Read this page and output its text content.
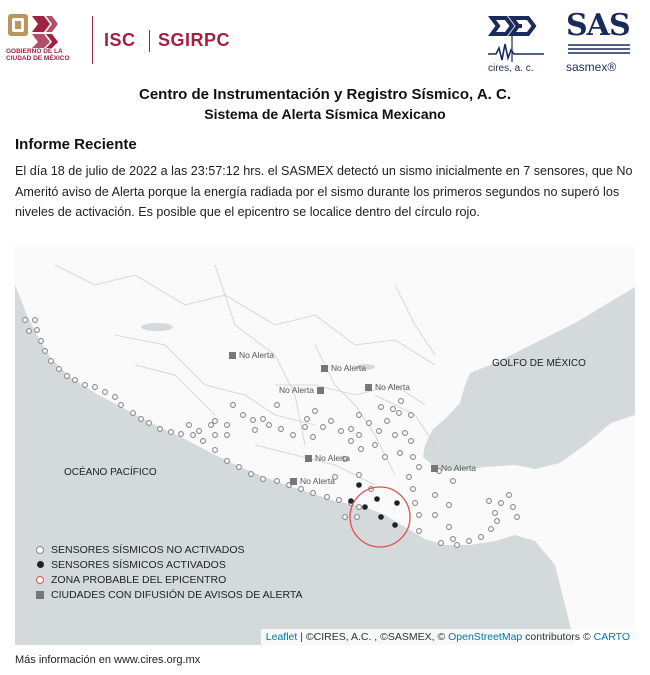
GOBIERNO DE LA
CIUDAD DE MÉXICO
ISC SGIRPC
cires, a. c.
SAS
sasmex®
Centro de Instrumentación y Registro Sísmico, A. C.
Sistema de Alerta Sísmica Mexicano
Informe Reciente
El día 18 de julio de 2022 a las 23:57:12 hrs. el SASMEX detectó un sismo inicialmente en 7 sensores, que No Ameritó aviso de Alerta porque la energía radiada por el sismo durante los primeros segundos no superó los niveles de activación. Es posible que el epicentro se localice dentro del círculo rojo.
GOLFO DE MÉXICO
OCÉANO PACÍFICO
No Alerta
No Alerta
No Alerta
No Alerta
No Alerta
No Alerta
No Alerta
SENSORES SÍSMICOS NO ACTIVADOS
SENSORES SÍSMICOS ACTIVADOS
ZONA PROBABLE DEL EPICENTRO
CIUDADES CON DIFUSIÓN DE AVISOS DE ALERTA
Leaflet | ©CIRES, A.C. , ©SASMEX, © OpenStreetMap contributors © CARTO
Más información en www.cires.org.mx
